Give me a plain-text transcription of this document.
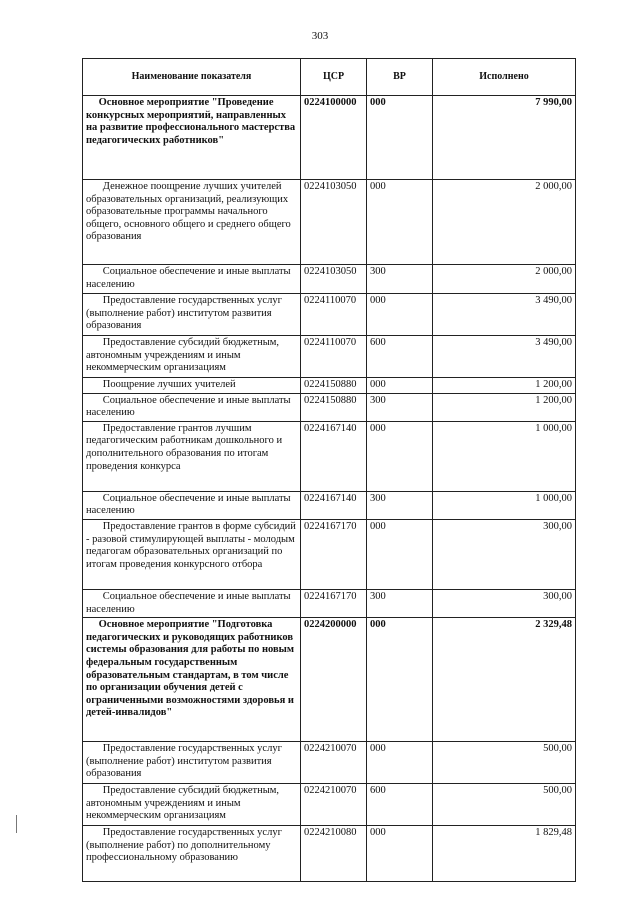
303
Наименование показателя	ЦСР	ВР	Исполнено
Основное мероприятие "Проведение конкурсных мероприятий, направленных на развитие профессионального мастерства педагогических работников"	0224100000	000	7 990,00
Денежное поощрение лучших учителей образовательных организаций, реализующих образовательные программы начального общего, основного общего и среднего общего образования	0224103050	000	2 000,00
Социальное обеспечение и иные выплаты населению	0224103050	300	2 000,00
Предоставление государственных услуг (выполнение работ) институтом развития образования	0224110070	000	3 490,00
Предоставление субсидий бюджетным, автономным учреждениям и иным некоммерческим организациям	0224110070	600	3 490,00
Поощрение лучших учителей	0224150880	000	1 200,00
Социальное обеспечение и иные выплаты населению	0224150880	300	1 200,00
Предоставление грантов лучшим педагогическим работникам дошкольного и дополнительного образования по итогам проведения конкурса	0224167140	000	1 000,00
Социальное обеспечение и иные выплаты населению	0224167140	300	1 000,00
Предоставление грантов в форме субсидий - разовой стимулирующей выплаты - молодым педагогам образовательных организаций по итогам проведения конкурсного отбора	0224167170	000	300,00
Социальное обеспечение и иные выплаты населению	0224167170	300	300,00
Основное мероприятие "Подготовка педагогических и руководящих работников системы образования для работы по новым федеральным государственным образовательным стандартам, в том числе по организации обучения детей с ограниченными возможностями здоровья и детей-инвалидов"	0224200000	000	2 329,48
Предоставление государственных услуг (выполнение работ) институтом развития образования	0224210070	000	500,00
Предоставление субсидий бюджетным, автономным учреждениям и иным некоммерческим организациям	0224210070	600	500,00
Предоставление государственных услуг (выполнение работ) по дополнительному профессиональному образованию	0224210080	000	1 829,48
